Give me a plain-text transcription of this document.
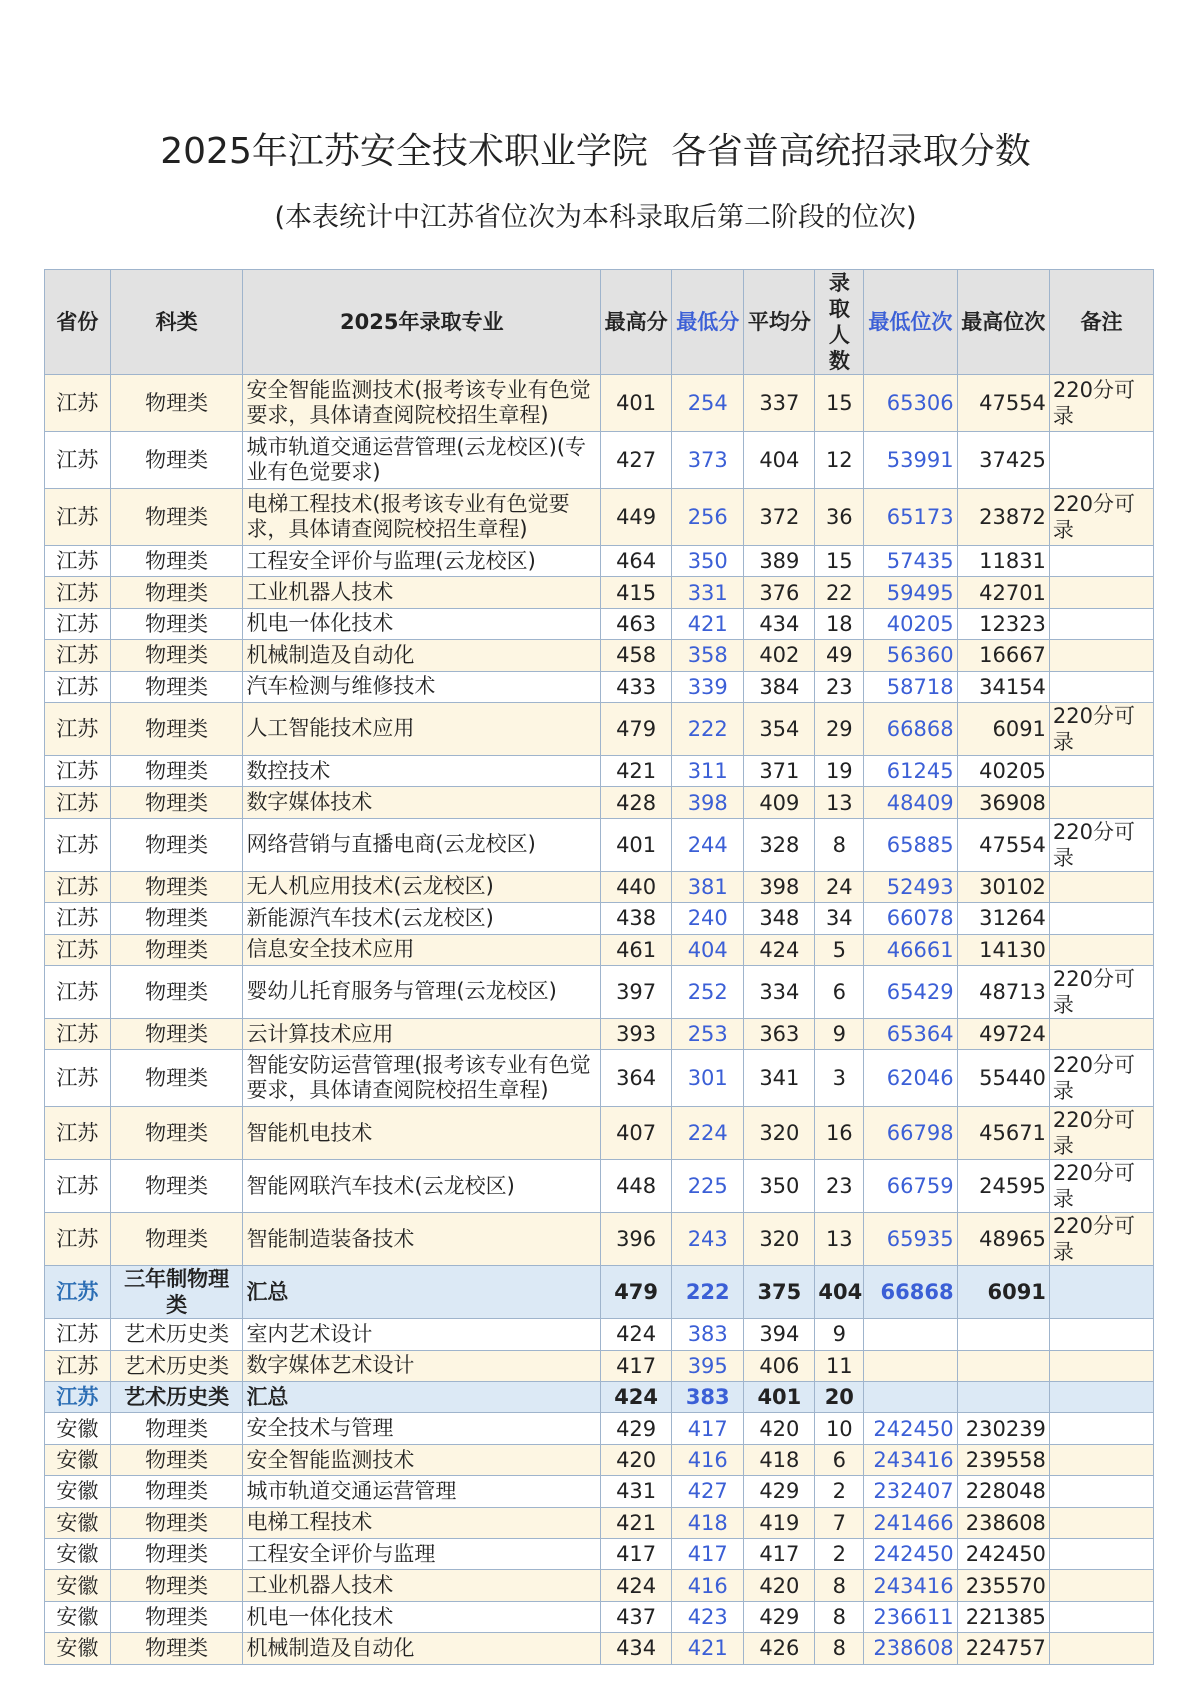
2025年江苏安全技术职业学院  各省普高统招录取分数
(本表统计中江苏省位次为本科录取后第二阶段的位次)
省份	科类	2025年录取专业	最高分	最低分	平均分	录取人数	最低位次	最高位次	备注
江苏	物理类	安全智能监测技术(报考该专业有色觉要求，具体请查阅院校招生章程)	401	254	337	15	65306	47554	220分可录
江苏	物理类	城市轨道交通运营管理(云龙校区)(专业有色觉要求)	427	373	404	12	53991	37425	
江苏	物理类	电梯工程技术(报考该专业有色觉要求，具体请查阅院校招生章程)	449	256	372	36	65173	23872	220分可录
江苏	物理类	工程安全评价与监理(云龙校区)	464	350	389	15	57435	11831	
江苏	物理类	工业机器人技术	415	331	376	22	59495	42701	
江苏	物理类	机电一体化技术	463	421	434	18	40205	12323	
江苏	物理类	机械制造及自动化	458	358	402	49	56360	16667	
江苏	物理类	汽车检测与维修技术	433	339	384	23	58718	34154	
江苏	物理类	人工智能技术应用	479	222	354	29	66868	6091	220分可录
江苏	物理类	数控技术	421	311	371	19	61245	40205	
江苏	物理类	数字媒体技术	428	398	409	13	48409	36908	
江苏	物理类	网络营销与直播电商(云龙校区)	401	244	328	8	65885	47554	220分可录
江苏	物理类	无人机应用技术(云龙校区)	440	381	398	24	52493	30102	
江苏	物理类	新能源汽车技术(云龙校区)	438	240	348	34	66078	31264	
江苏	物理类	信息安全技术应用	461	404	424	5	46661	14130	
江苏	物理类	婴幼儿托育服务与管理(云龙校区)	397	252	334	6	65429	48713	220分可录
江苏	物理类	云计算技术应用	393	253	363	9	65364	49724	
江苏	物理类	智能安防运营管理(报考该专业有色觉要求，具体请查阅院校招生章程)	364	301	341	3	62046	55440	220分可录
江苏	物理类	智能机电技术	407	224	320	16	66798	45671	220分可录
江苏	物理类	智能网联汽车技术(云龙校区)	448	225	350	23	66759	24595	220分可录
江苏	物理类	智能制造装备技术	396	243	320	13	65935	48965	220分可录
江苏	三年制物理类	汇总	479	222	375	404	66868	6091	
江苏	艺术历史类	室内艺术设计	424	383	394	9			
江苏	艺术历史类	数字媒体艺术设计	417	395	406	11			
江苏	艺术历史类	汇总	424	383	401	20			
安徽	物理类	安全技术与管理	429	417	420	10	242450	230239	
安徽	物理类	安全智能监测技术	420	416	418	6	243416	239558	
安徽	物理类	城市轨道交通运营管理	431	427	429	2	232407	228048	
安徽	物理类	电梯工程技术	421	418	419	7	241466	238608	
安徽	物理类	工程安全评价与监理	417	417	417	2	242450	242450	
安徽	物理类	工业机器人技术	424	416	420	8	243416	235570	
安徽	物理类	机电一体化技术	437	423	429	8	236611	221385	
安徽	物理类	机械制造及自动化	434	421	426	8	238608	224757	
